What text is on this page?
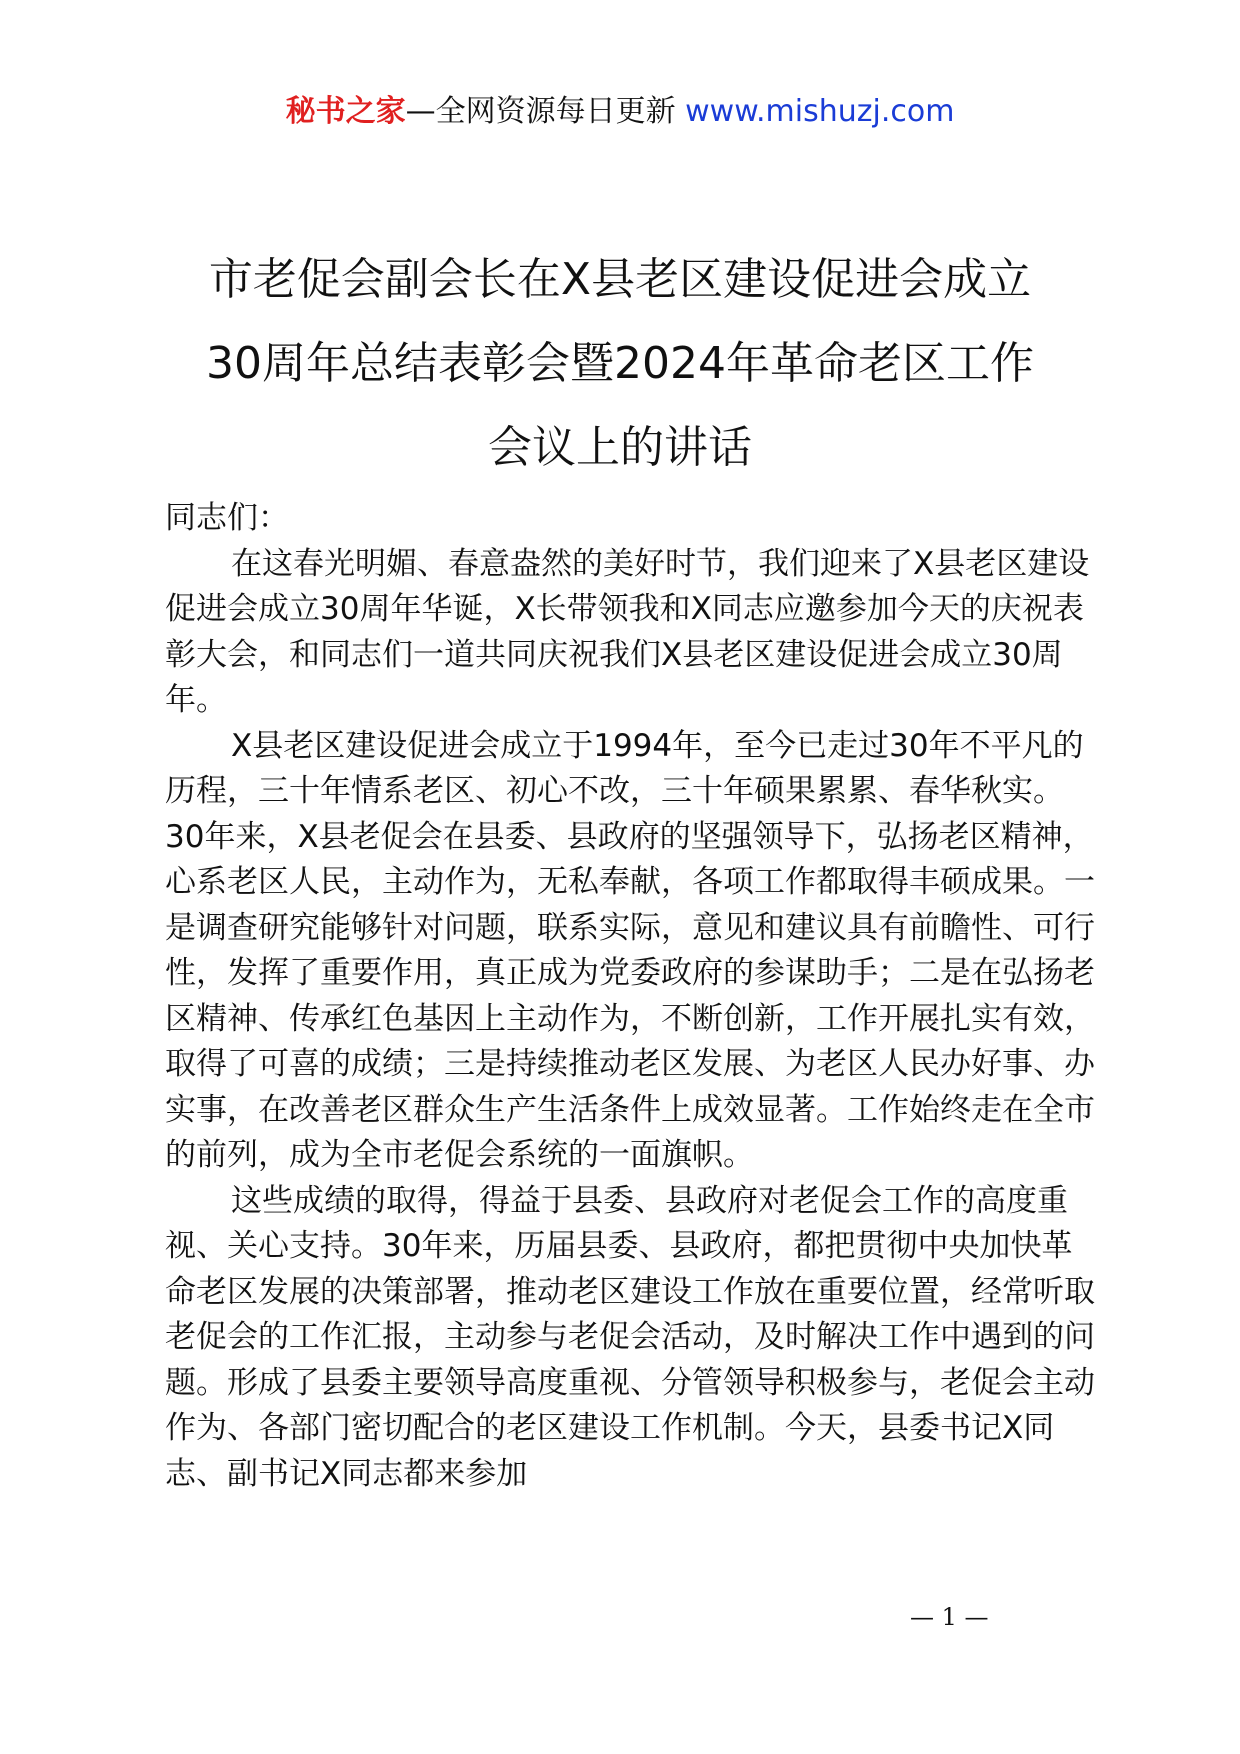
秘书之家—全网资源每日更新 www.mishuzj.com
市老促会副会长在X县老区建设促进会成立
30周年总结表彰会暨2024年革命老区工作
会议上的讲话

同志们：

在这春光明媚、春意盎然的美好时节，我们迎来了X县老区建设促进会成立30周年华诞，X长带领我和X同志应邀参加今天的庆祝表彰大会，和同志们一道共同庆祝我们X县老区建设促进会成立30周年。

X县老区建设促进会成立于1994年，至今已走过30年不平凡的历程，三十年情系老区、初心不改，三十年硕果累累、春华秋实。30年来，X县老促会在县委、县政府的坚强领导下，弘扬老区精神，心系老区人民，主动作为，无私奉献，各项工作都取得丰硕成果。一是调查研究能够针对问题，联系实际，意见和建议具有前瞻性、可行性，发挥了重要作用，真正成为党委政府的参谋助手；二是在弘扬老区精神、传承红色基因上主动作为，不断创新，工作开展扎实有效，取得了可喜的成绩；三是持续推动老区发展、为老区人民办好事、办实事，在改善老区群众生产生活条件上成效显著。工作始终走在全市的前列，成为全市老促会系统的一面旗帜。

这些成绩的取得，得益于县委、县政府对老促会工作的高度重视、关心支持。30年来，历届县委、县政府，都把贯彻中央加快革命老区发展的决策部署，推动老区建设工作放在重要位置，经常听取老促会的工作汇报，主动参与老促会活动，及时解决工作中遇到的问题。形成了县委主要领导高度重视、分管领导积极参与，老促会主动作为、各部门密切配合的老区建设工作机制。今天，县委书记X同志、副书记X同志都来参加

— 1 —
